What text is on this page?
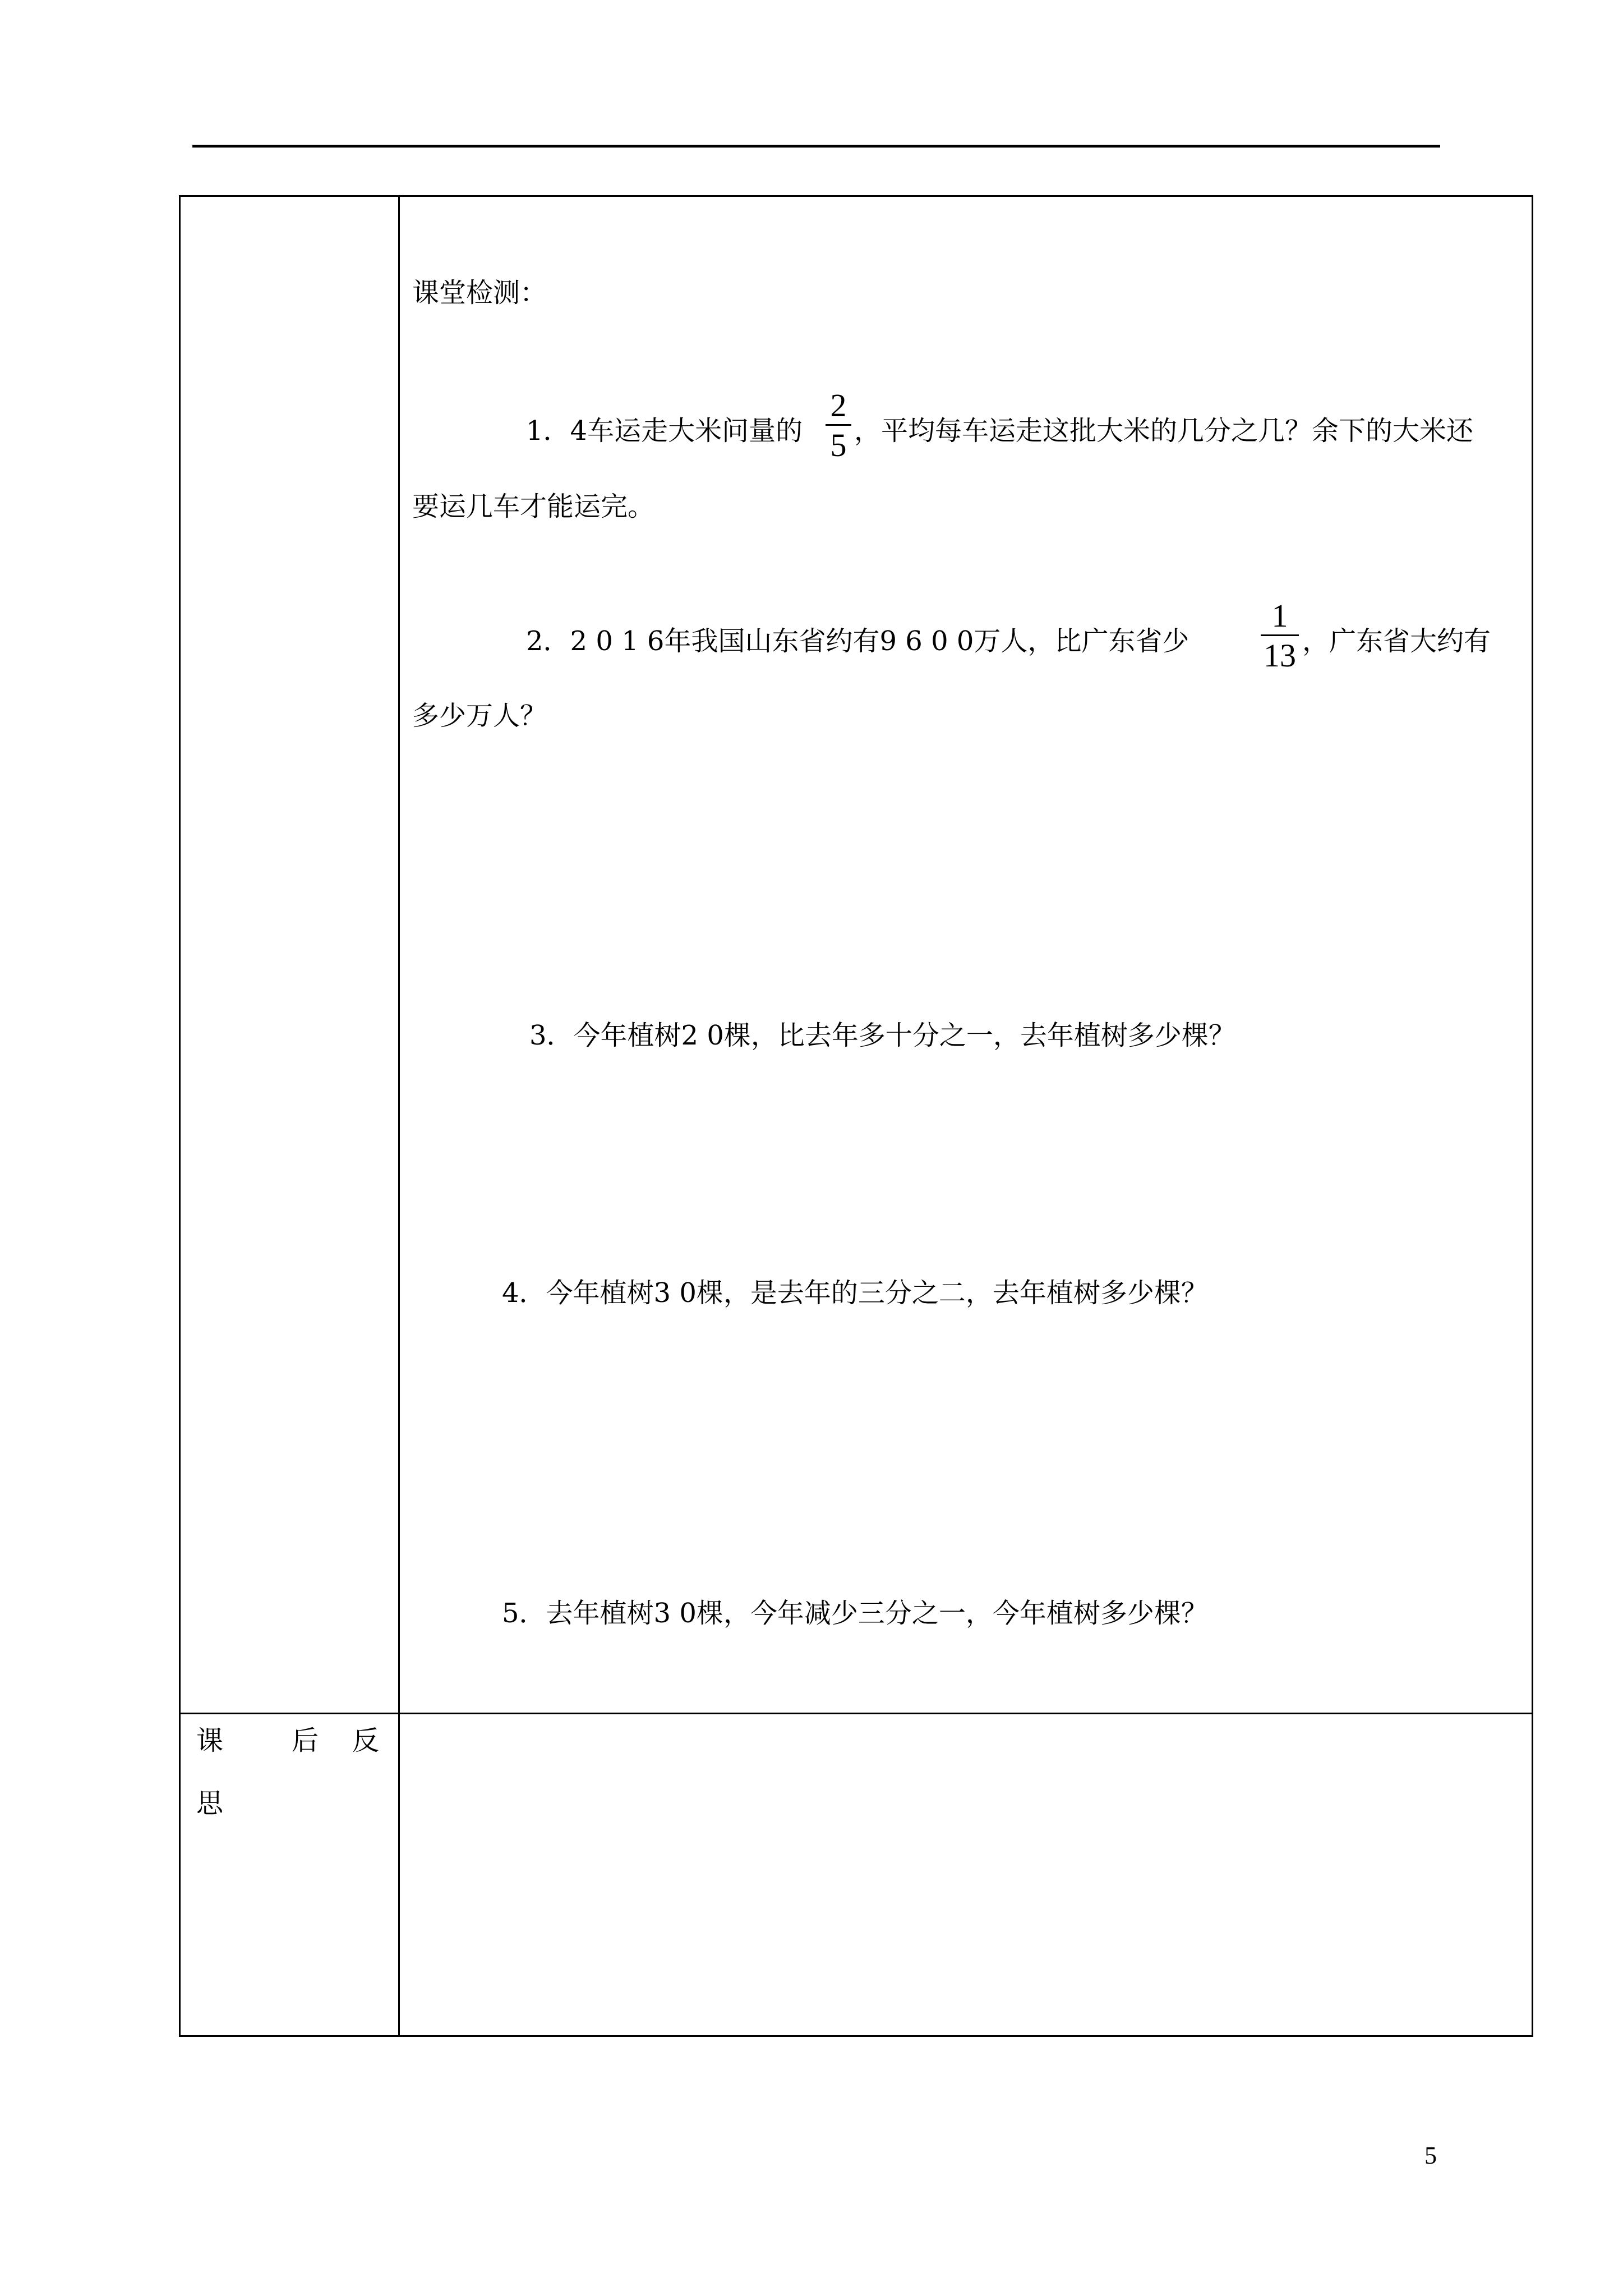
课堂检测：
1．4车运走大米问量的
2
5 ，平均每车运走这批大米的几分之几？余下的大米还
要运几车才能运完。
2．2 0 1 6年我国山东省约有9 6 0 0万人，比广东省少
1
13 ，广东省大约有
多少万人？
3．今年植树2 0棵，比去年多十分之一，去年植树多少棵？
4．今年植树3 0棵，是去年的三分之二，去年植树多少棵？
5．去年植树3 0棵，今年减少三分之一，今年植树多少棵？
课	后 反
思
5
